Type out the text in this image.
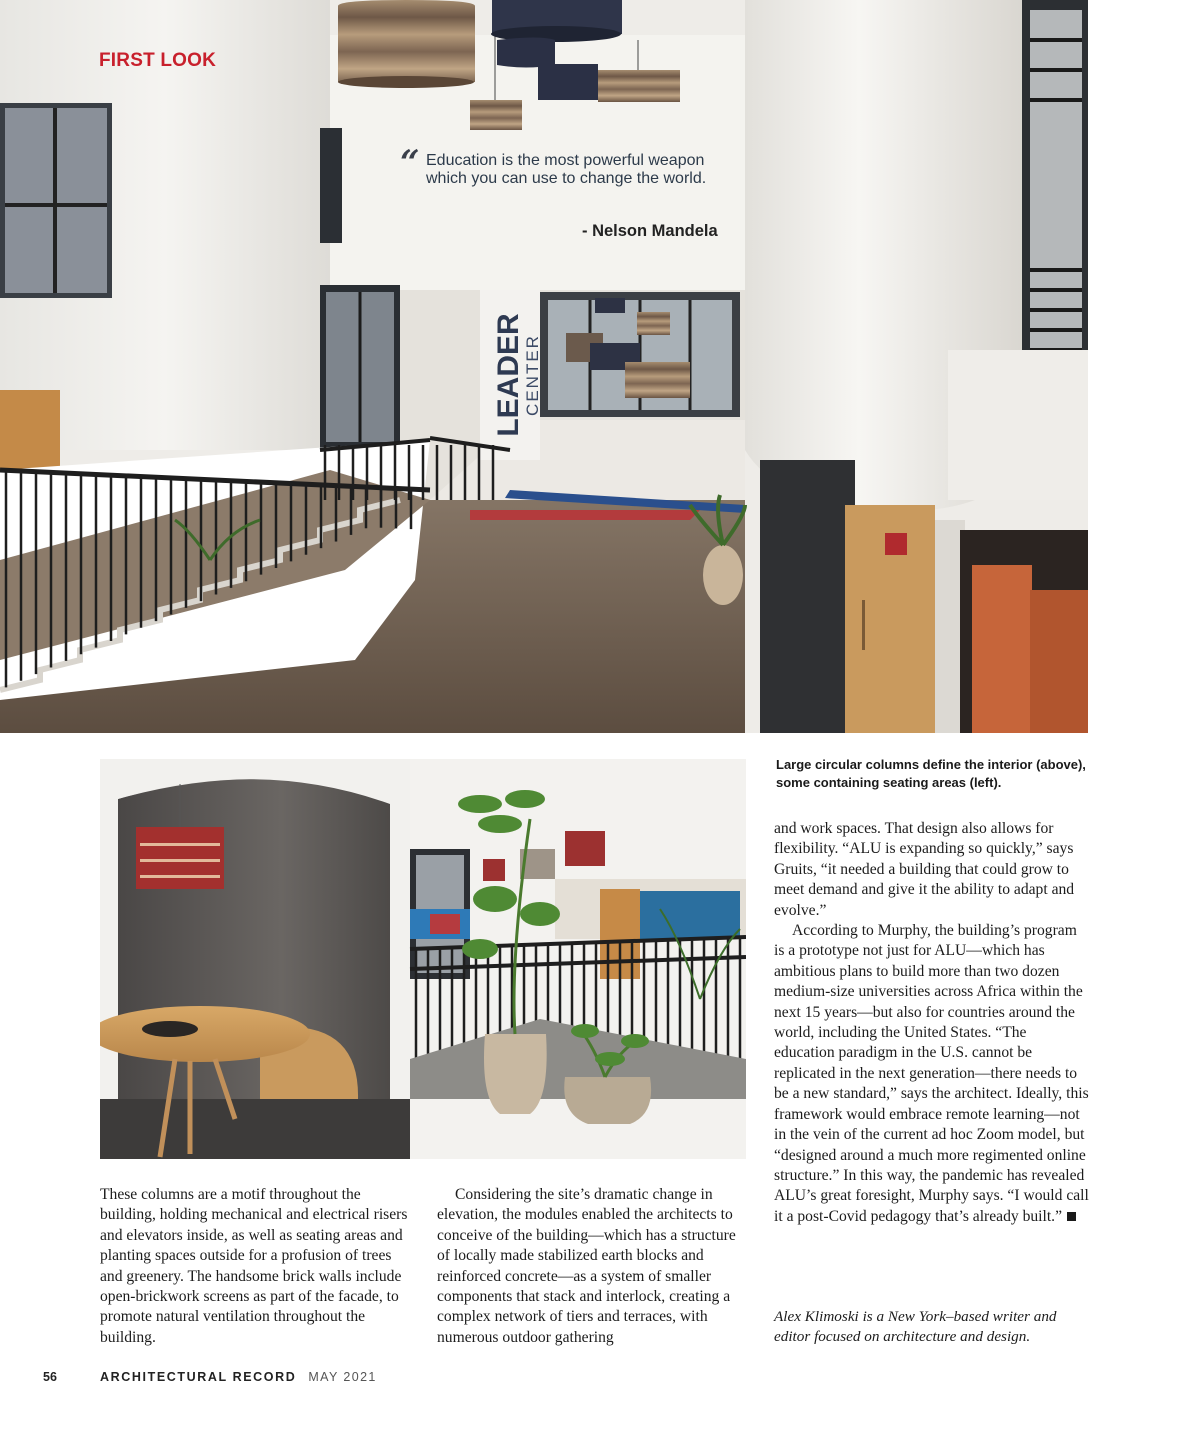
LEADER
CENTER
FIRST LOOK
“ Education is the most powerful weapon
which you can use to change the world.
- Nelson Mandela
Large circular columns define the interior (above), some containing seating areas (left).

These columns are a motif throughout the building, holding mechanical and electrical risers and elevators inside, as well as seating areas and planting spaces outside for a profusion of trees and greenery. The handsome brick walls include open-brickwork screens as part of the facade, to promote natural ventilation throughout the building.

Considering the site’s dramatic change in elevation, the modules enabled the architects to conceive of the building—which has a structure of locally made stabilized earth blocks and reinforced concrete—as a system of smaller components that stack and interlock, creating a complex network of tiers and terraces, with numerous outdoor gathering

and work spaces. That design also allows for flexibility. “ALU is expanding so quickly,” says Gruits, “it needed a building that could grow to meet demand and give it the ability to adapt and evolve.”

According to Murphy, the building’s program is a prototype not just for ALU—which has ambitious plans to build more than two dozen medium-size universities across Africa within the next 15 years—but also for countries around the world, including the United States. “The education paradigm in the U.S. cannot be replicated in the next generation—there needs to be a new standard,” says the architect. Ideally, this framework would embrace remote learning—not in the vein of the current ad hoc Zoom model, but “designed around a much more regimented online structure.” In this way, the pandemic has revealed ALU’s great foresight, Murphy says. “I would call it a post-Covid pedagogy that’s already built.”

Alex Klimoski is a New York–based writer and editor focused on architecture and design.
56	ARCHITECTURAL RECORD MAY 2021
